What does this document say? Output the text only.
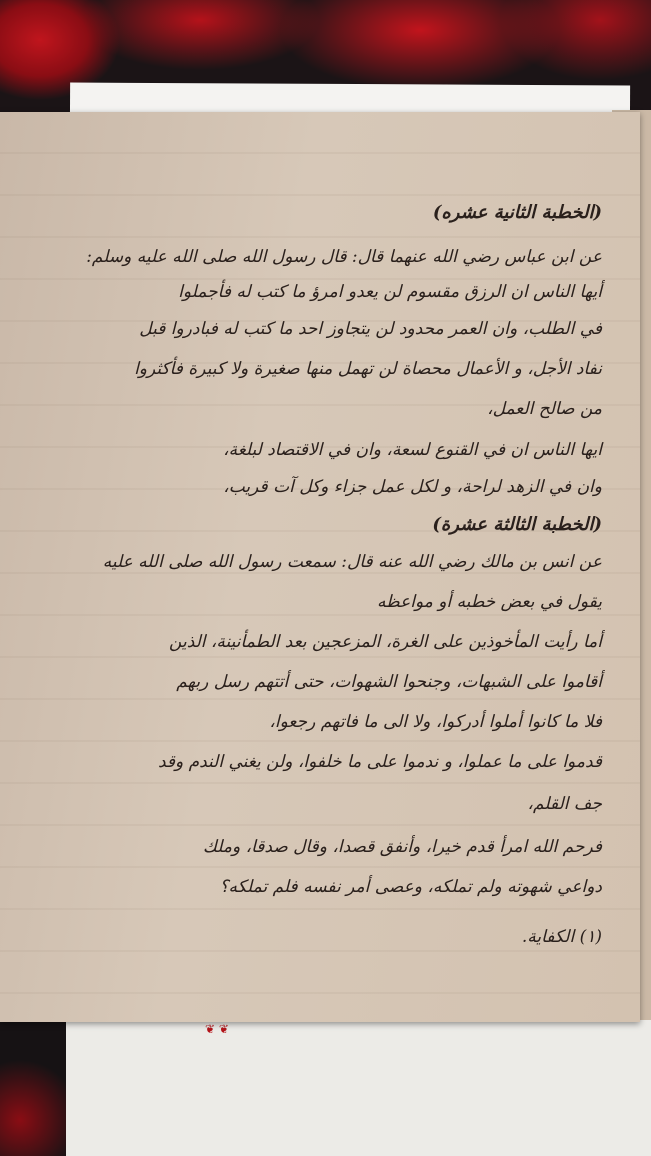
❦ ❦
(الخطبة الثانية عشره)
عن ابن عباس رضي الله عنهما قال: قال رسول الله صلى الله عليه وسلم:
أيها الناس ان الرزق مقسوم لن يعدو امرؤ ما كتب له فأجملوا
في الطلب، وان العمر محدود لن يتجاوز احد ما كتب له فبادروا قبل
نفاد الأجل، و الأعمال محصاة لن تهمل منها صغيرة ولا كبيرة فأكثروا
من صالح العمل،
ايها الناس ان في القنوع لسعة، وان في الاقتصاد لبلغة،
وان في الزهد لراحة، و لكل عمل جزاء وكل آت قريب،
(الخطبة الثالثة عشرة)
عن انس بن مالك رضي الله عنه قال: سمعت رسول الله صلى الله عليه
يقول في بعض خطبه أو مواعظه
أما رأيت المأخوذين على الغرة، المزعجين بعد الطمأنينة، الذين
أقاموا على الشبهات، وجنحوا الشهوات، حتى أتتهم رسل ربهم
فلا ما كانوا أملوا أدركوا، ولا الى ما فاتهم رجعوا،
قدموا على ما عملوا، و ندموا على ما خلفوا، ولن يغني الندم وقد
جف القلم،
فرحم الله امرأ قدم خيرا، وأنفق قصدا، وقال صدقا، وملك
دواعي شهوته ولم تملكه، وعصى أمر نفسه فلم تملكه؟
(١) الكفاية.
